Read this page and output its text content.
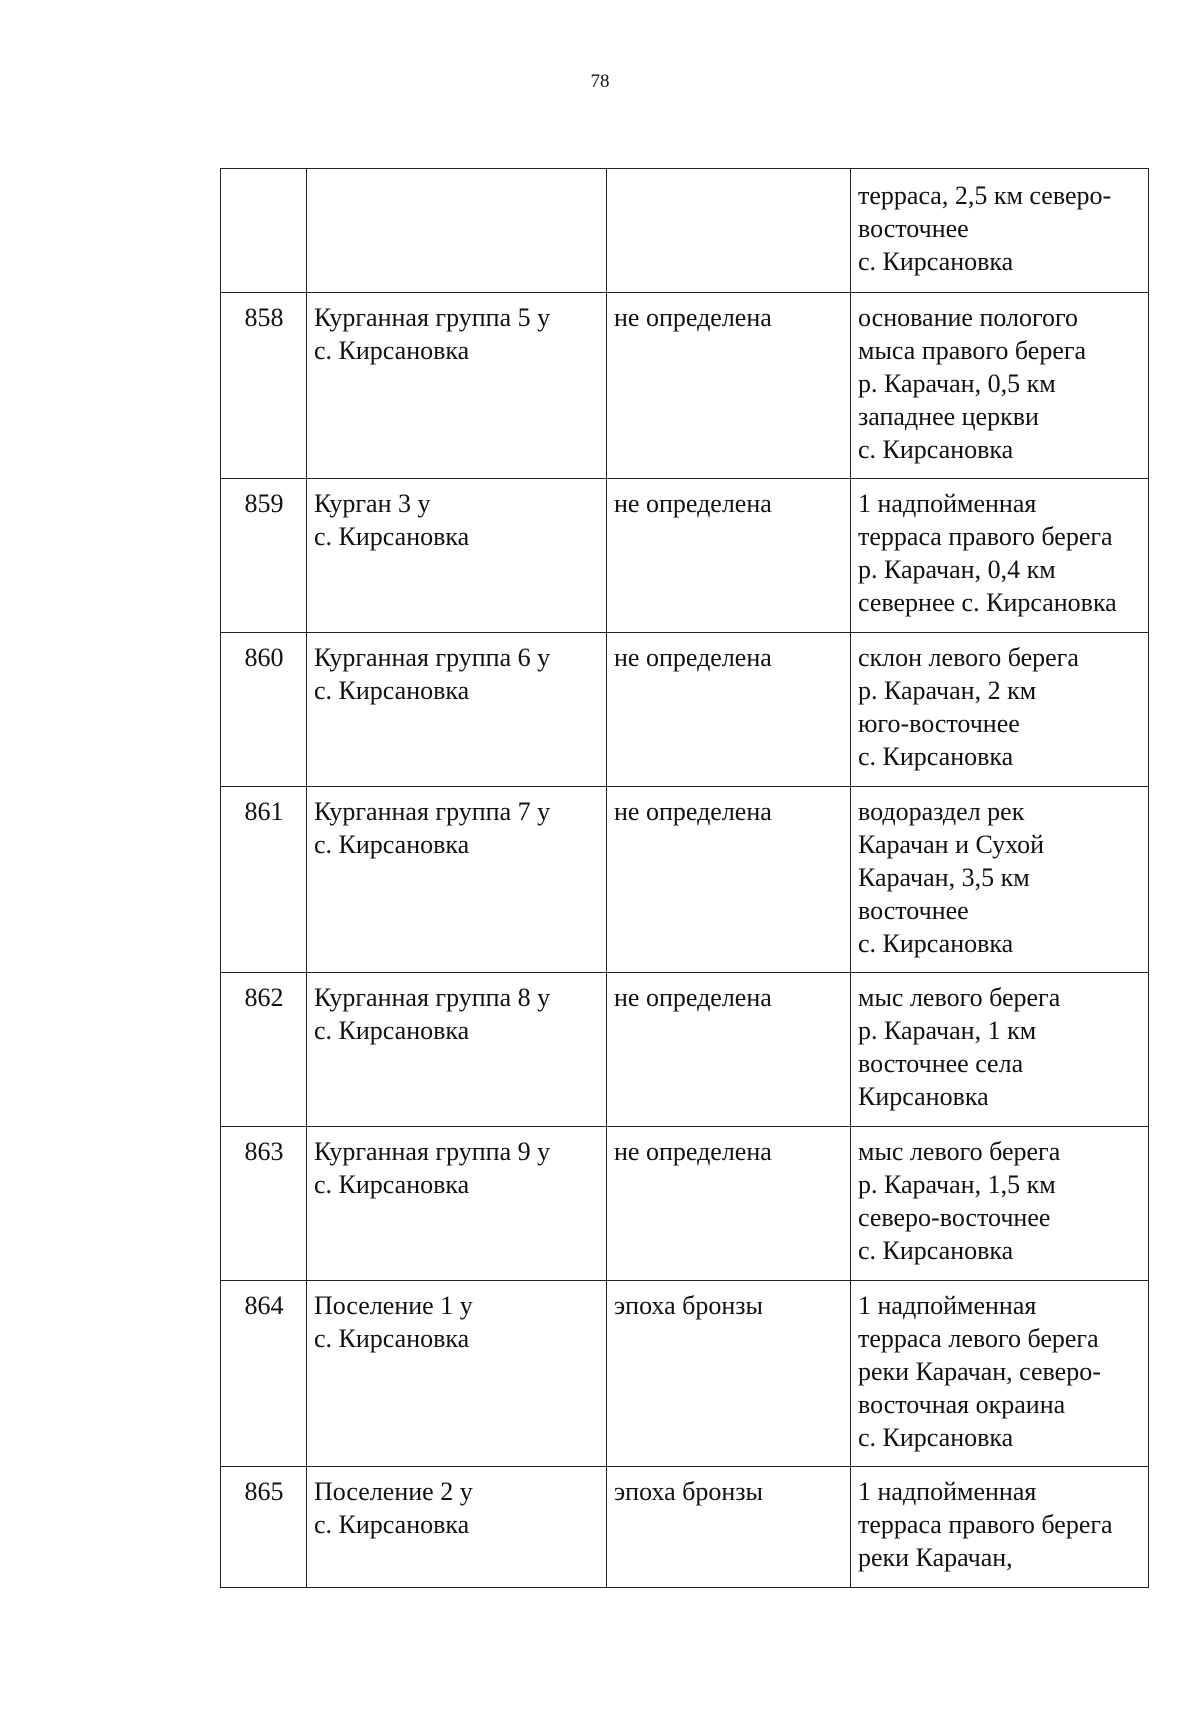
78

			терраса, 2,5 км северо-
восточнее
с. Кирсановка

858	Курганная группа 5 у
с. Кирсановка	не определена	основание пологого
мыса правого берега
р. Карачан, 0,5 км
западнее церкви
с. Кирсановка

859	Курган 3 у
с. Кирсановка	не определена	1 надпойменная
терраса правого берега
р. Карачан, 0,4 км
севернее с. Кирсановка

860	Курганная группа 6 у
с. Кирсановка	не определена	склон левого берега
р. Карачан, 2 км
юго-восточнее
с. Кирсановка

861	Курганная группа 7 у
с. Кирсановка	не определена	водораздел рек
Карачан и Сухой
Карачан, 3,5 км
восточнее
с. Кирсановка

862	Курганная группа 8 у
с. Кирсановка	не определена	мыс левого берега
р. Карачан, 1 км
восточнее села
Кирсановка

863	Курганная группа 9 у
с. Кирсановка	не определена	мыс левого берега
р. Карачан, 1,5 км
северо-восточнее
с. Кирсановка

864	Поселение 1 у
с. Кирсановка	эпоха бронзы	1 надпойменная
терраса левого берега
реки Карачан, северо-
восточная окраина
с. Кирсановка

865	Поселение 2 у
с. Кирсановка	эпоха бронзы	1 надпойменная
терраса правого берега
реки Карачан,
